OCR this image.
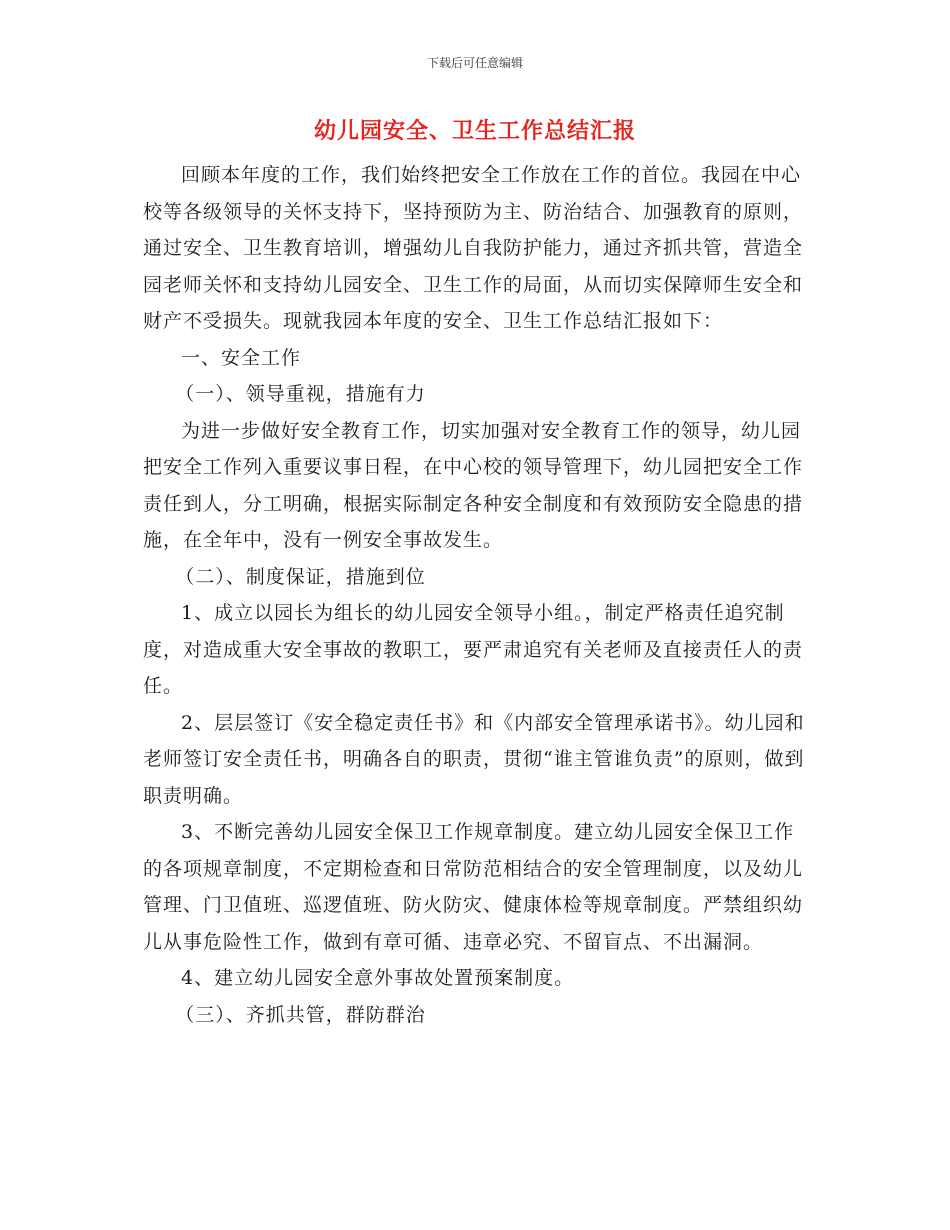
下载后可任意编辑
幼儿园安全、卫生工作总结汇报

回顾本年度的工作，我们始终把安全工作放在工作的首位。我园在中心校等各级领导的关怀支持下，坚持预防为主、防治结合、加强教育的原则，通过安全、卫生教育培训，增强幼儿自我防护能力，通过齐抓共管，营造全园老师关怀和支持幼儿园安全、卫生工作的局面，从而切实保障师生安全和财产不受损失。现就我园本年度的安全、卫生工作总结汇报如下：

一、安全工作

（一）、领导重视，措施有力

为进一步做好安全教育工作，切实加强对安全教育工作的领导，幼儿园把安全工作列入重要议事日程，在中心校的领导管理下，幼儿园把安全工作责任到人，分工明确，根据实际制定各种安全制度和有效预防安全隐患的措施，在全年中，没有一例安全事故发生。

（二）、制度保证，措施到位

1、成立以园长为组长的幼儿园安全领导小组。，制定严格责任追究制度，对造成重大安全事故的教职工，要严肃追究有关老师及直接责任人的责任。

2、层层签订《安全稳定责任书》和《内部安全管理承诺书》。幼儿园和老师签订安全责任书，明确各自的职责，贯彻“谁主管谁负责”的原则，做到职责明确。

3、不断完善幼儿园安全保卫工作规章制度。建立幼儿园安全保卫工作的各项规章制度，不定期检查和日常防范相结合的安全管理制度，以及幼儿管理、门卫值班、巡逻值班、防火防灾、健康体检等规章制度。严禁组织幼儿从事危险性工作，做到有章可循、违章必究、不留盲点、不出漏洞。

4、建立幼儿园安全意外事故处置预案制度。

（三）、齐抓共管，群防群治
